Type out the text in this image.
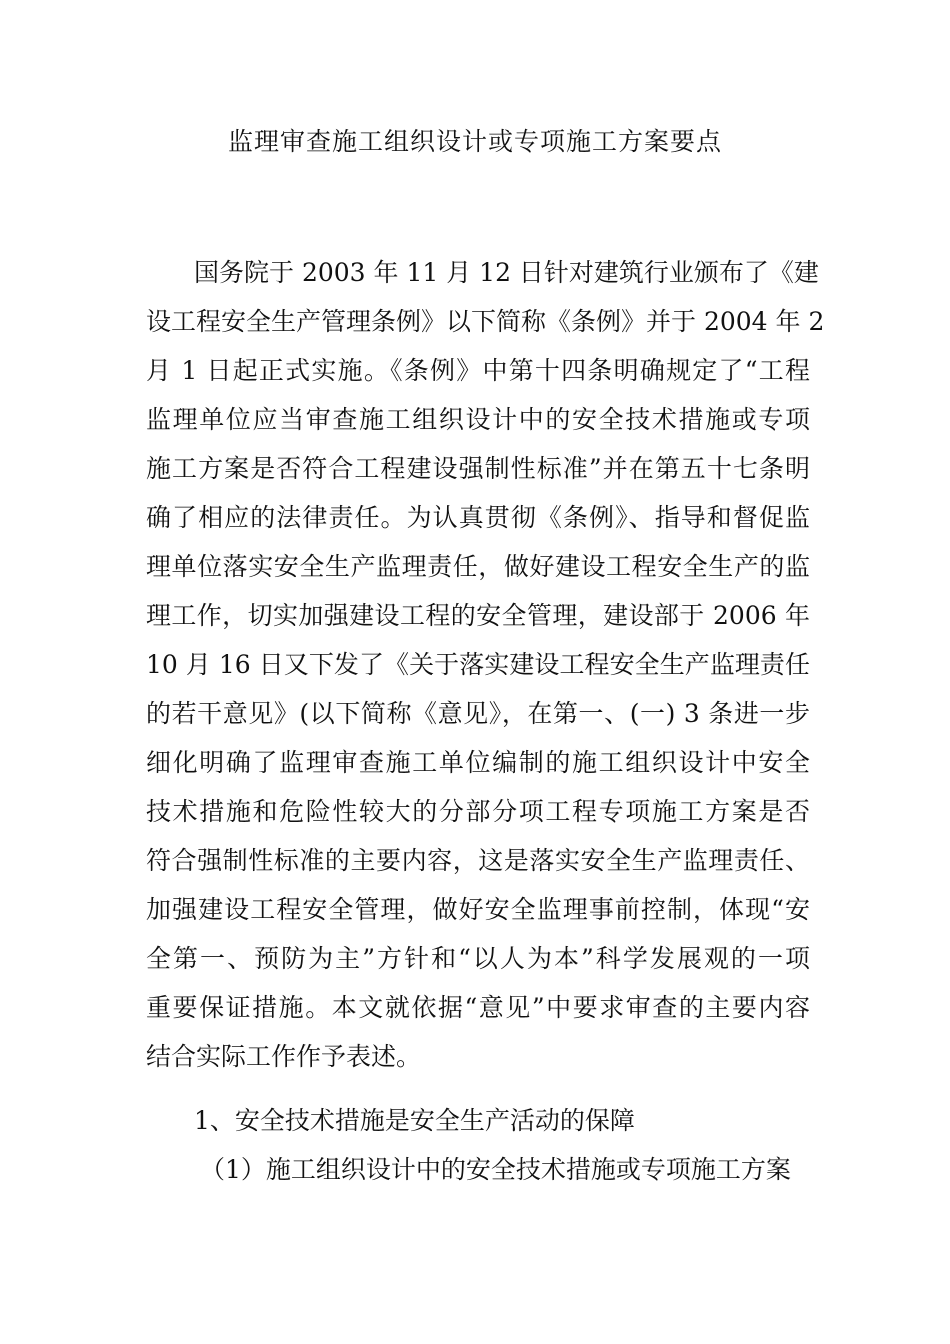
监理审查施工组织设计或专项施工方案要点
国务院于 2003 年 11 月 12 日针对建筑行业颁布了《建
设工程安全生产管理条例》以下简称《条例》并于 2004 年 2
月 1 日起正式实施。《条例》中第十四条明确规定了“工程
监理单位应当审查施工组织设计中的安全技术措施或专项
施工方案是否符合工程建设强制性标准”并在第五十七条明
确了相应的法律责任。为认真贯彻《条例》、指导和督促监
理单位落实安全生产监理责任，做好建设工程安全生产的监
理工作，切实加强建设工程的安全管理，建设部于 2006 年
10 月 16 日又下发了《关于落实建设工程安全生产监理责任
的若干意见》(以下简称《意见》，在第一、(一) 3 条进一步
细化明确了监理审查施工单位编制的施工组织设计中安全
技术措施和危险性较大的分部分项工程专项施工方案是否
符合强制性标准的主要内容，这是落实安全生产监理责任、
加强建设工程安全管理，做好安全监理事前控制，体现“安
全第一、预防为主”方针和“以人为本”科学发展观的一项
重要保证措施。本文就依据“意见”中要求审查的主要内容
结合实际工作作予表述。
1、安全技术措施是安全生产活动的保障
（1）施工组织设计中的安全技术措施或专项施工方案
